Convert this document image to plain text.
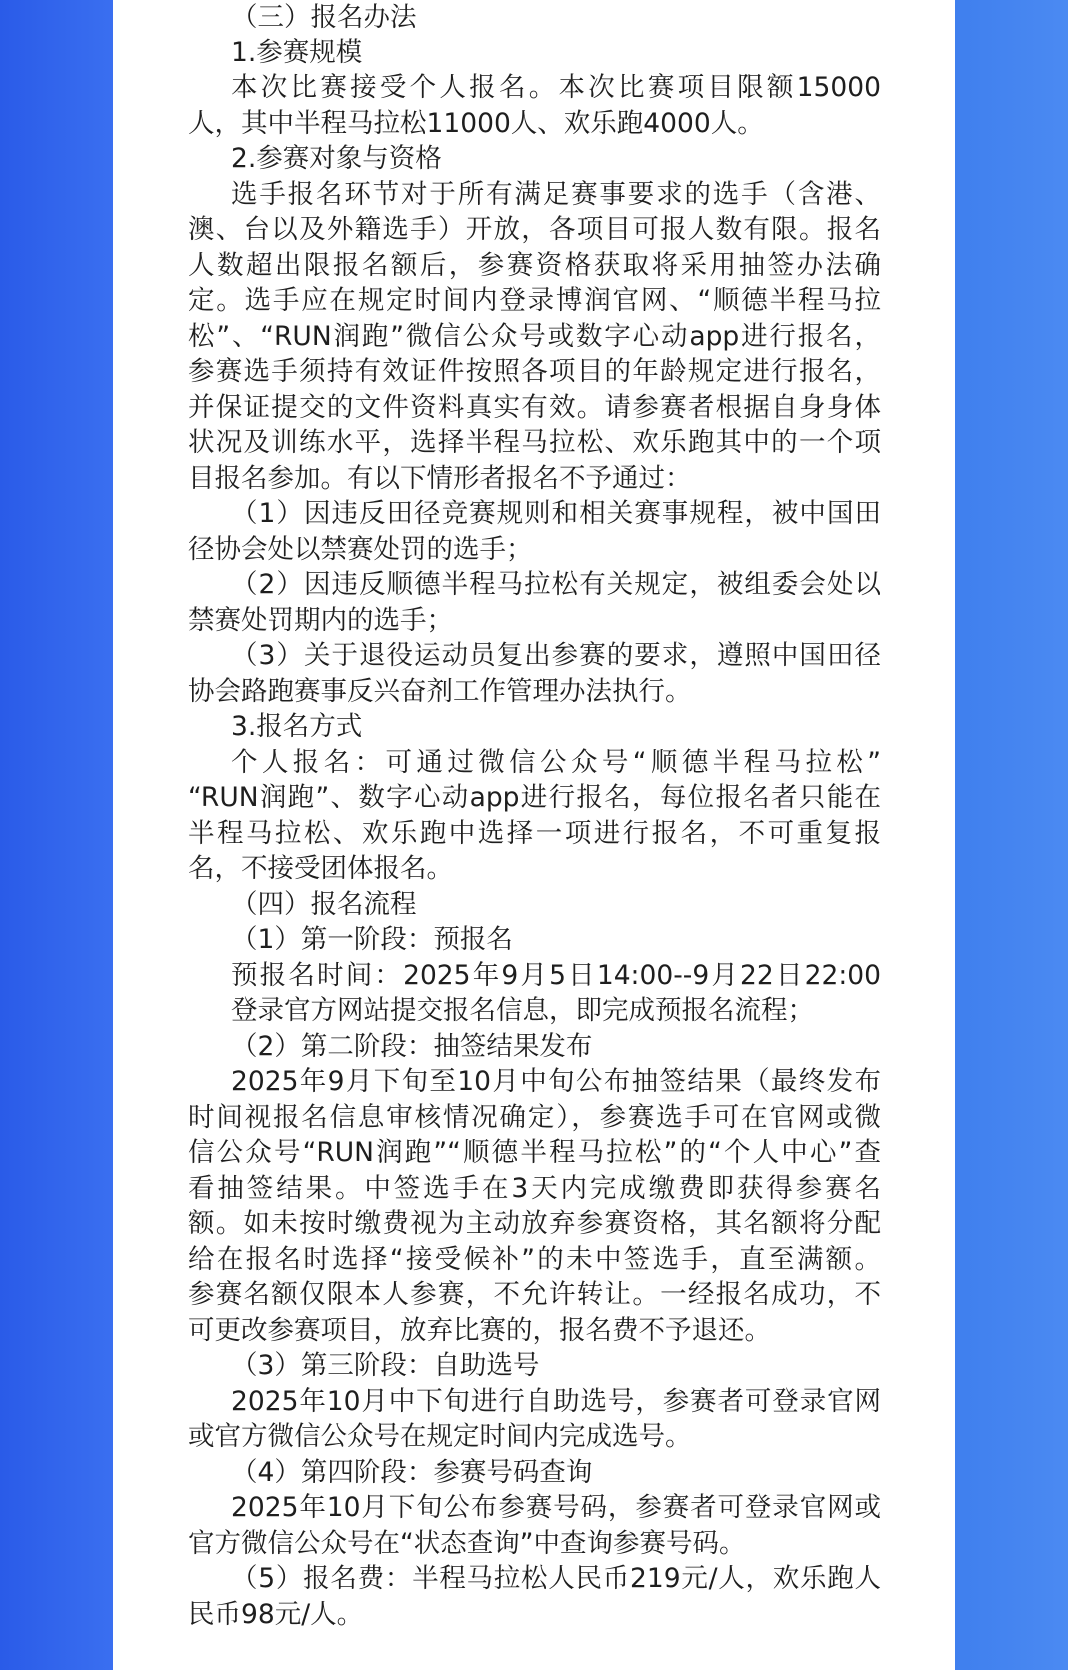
（三）报名办法
1.参赛规模
本次比赛接受个人报名。本次比赛项目限额15000
人，其中半程马拉松11000人、欢乐跑4000人。
2.参赛对象与资格
选手报名环节对于所有满足赛事要求的选手（含港、
澳、台以及外籍选手）开放，各项目可报人数有限。报名
人数超出限报名额后，参赛资格获取将采用抽签办法确
定。选手应在规定时间内登录博润官网、“顺德半程马拉
松”、“RUN润跑”微信公众号或数字心动app进行报名，
参赛选手须持有效证件按照各项目的年龄规定进行报名，
并保证提交的文件资料真实有效。请参赛者根据自身身体
状况及训练水平，选择半程马拉松、欢乐跑其中的一个项
目报名参加。有以下情形者报名不予通过：
（1）因违反田径竞赛规则和相关赛事规程，被中国田
径协会处以禁赛处罚的选手；
（2）因违反顺德半程马拉松有关规定，被组委会处以
禁赛处罚期内的选手；
（3）关于退役运动员复出参赛的要求，遵照中国田径
协会路跑赛事反兴奋剂工作管理办法执行。
3.报名方式
个人报名：可通过微信公众号“顺德半程马拉松”
“RUN润跑”、数字心动app进行报名，每位报名者只能在
半程马拉松、欢乐跑中选择一项进行报名，不可重复报
名，不接受团体报名。
（四）报名流程
（1）第一阶段：预报名
预报名时间：2025年9月5日14:00--9月22日22:00
登录官方网站提交报名信息，即完成预报名流程；
（2）第二阶段：抽签结果发布
2025年9月下旬至10月中旬公布抽签结果（最终发布
时间视报名信息审核情况确定），参赛选手可在官网或微
信公众号“RUN润跑”“顺德半程马拉松”的“个人中心”查
看抽签结果。中签选手在3天内完成缴费即获得参赛名
额。如未按时缴费视为主动放弃参赛资格，其名额将分配
给在报名时选择“接受候补”的未中签选手，直至满额。
参赛名额仅限本人参赛，不允许转让。一经报名成功，不
可更改参赛项目，放弃比赛的，报名费不予退还。
（3）第三阶段：自助选号
2025年10月中下旬进行自助选号，参赛者可登录官网
或官方微信公众号在规定时间内完成选号。
（4）第四阶段：参赛号码查询
2025年10月下旬公布参赛号码，参赛者可登录官网或
官方微信公众号在“状态查询”中查询参赛号码。
（5）报名费：半程马拉松人民币219元/人，欢乐跑人
民币98元/人。
